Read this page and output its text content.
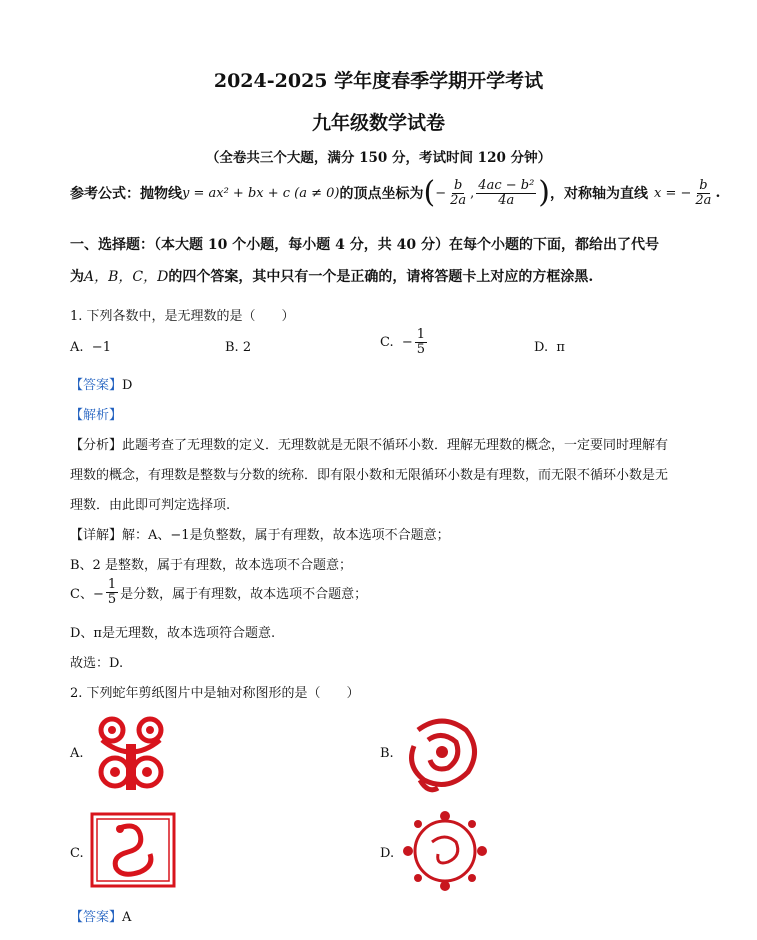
2024-2025 学年度春季学期开学考试
九年级数学试卷
（全卷共三个大题，满分 150 分，考试时间 120 分钟）
参考公式：抛物线 y = ax² + bx + c (a ≠ 0) 的顶点坐标为 ( − $\frac{b}{2a}$ , $\frac{\text{4ac − b²}}{4a}$ ) ，对称轴为直线 x = − $\frac{b}{2a}$ .
一、选择题：（本大题 10 个小题，每小题 4 分，共 40 分）在每个小题的下面，都给出了代号
为A，B，C，D的四个答案，其中只有一个是正确的，请将答题卡上对应的方框涂黑.
1. 下列各数中，是无理数的是（　　）
A. −1	B. 2	C.
− $\frac{1}{5}$	D. π
【答案】D
【解析】
【分析】此题考查了无理数的定义．无理数就是无限不循环小数．理解无理数的概念，一定要同时理解有
理数的概念，有理数是整数与分数的统称．即有限小数和无限循环小数是有理数，而无限不循环小数是无
理数．由此即可判定选择项.
【详解】解：A、−1是负整数，属于有理数，故本选项不合题意；
B、2 是整数，属于有理数，故本选项不合题意；
C、− $\frac{1}{5}$ 是分数，属于有理数，故本选项不合题意；
D、π是无理数，故本选项符合题意.
故选：D.
2. 下列蛇年剪纸图片中是轴对称图形的是（　　）
A.	B.
C.	D.
【答案】A
